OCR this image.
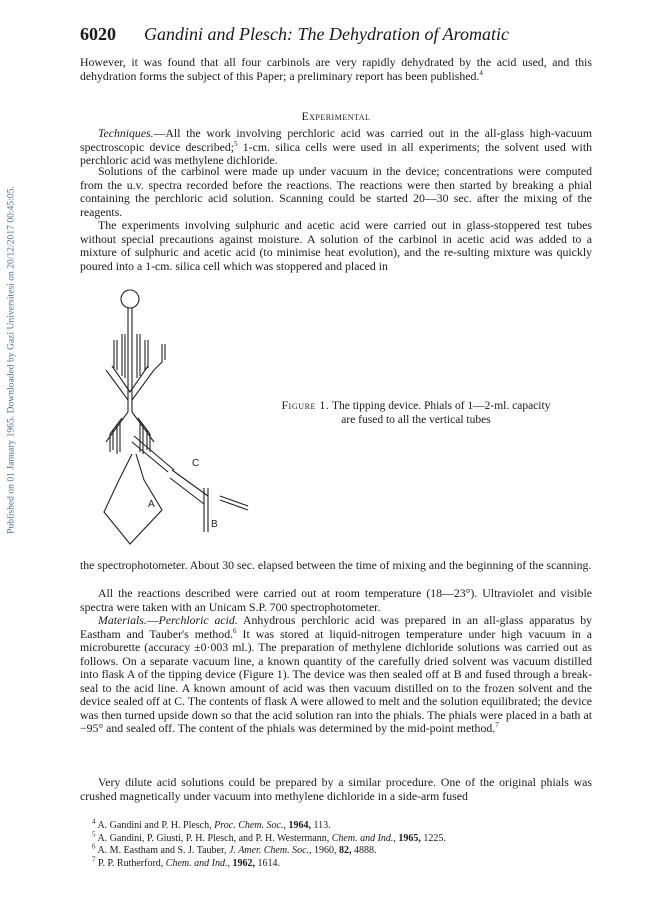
Published on 01 January 1965. Downloaded by Gazi Universitesi on 20/12/2017 00:45:05.
6020 Gandini and Plesch: The Dehydration of Aromatic

However, it was found that all four carbinols are very rapidly dehydrated by the acid used, and this dehydration forms the subject of this Paper; a preliminary report has been published.$^4$

Experimental

Techniques.—All the work involving perchloric acid was carried out in the all-glass high-vacuum spectroscopic device described;$^5$ 1-cm. silica cells were used in all experiments; the solvent used with perchloric acid was methylene dichloride.

Solutions of the carbinol were made up under vacuum in the device; concentrations were computed from the u.v. spectra recorded before the reactions. The reactions were then started by breaking a phial containing the perchloric acid solution. Scanning could be started 20—30 sec. after the mixing of the reagents.

The experiments involving sulphuric and acetic acid were carried out in glass-stoppered test tubes without special precautions against moisture. A solution of the carbinol in acetic acid was added to a mixture of sulphuric and acetic acid (to minimise heat evolution), and the re-sulting mixture was quickly poured into a 1-cm. silica cell which was stoppered and placed in

C
A
B
Figure 1. The tipping device. Phials of 1—2-ml. capacity are fused to all the vertical tubes

the spectrophotometer. About 30 sec. elapsed between the time of mixing and the beginning of the scanning.

All the reactions described were carried out at room temperature (18—23°). Ultraviolet and visible spectra were taken with an Unicam S.P. 700 spectrophotometer.

Materials.—Perchloric acid. Anhydrous perchloric acid was prepared in an all-glass apparatus by Eastham and Tauber's method.$^6$ It was stored at liquid-nitrogen temperature under high vacuum in a microburette (accuracy ±0·003 ml.). The preparation of methylene dichloride solutions was carried out as follows. On a separate vacuum line, a known quantity of the carefully dried solvent was vacuum distilled into flask A of the tipping device (Figure 1). The device was then sealed off at B and fused through a break-seal to the acid line. A known amount of acid was then vacuum distilled on to the frozen solvent and the device sealed off at C. The contents of flask A were allowed to melt and the solution equilibrated; the device was then turned upside down so that the acid solution ran into the phials. The phials were placed in a bath at −95° and sealed off. The content of the phials was determined by the mid-point method.$^7$

Very dilute acid solutions could be prepared by a similar procedure. One of the original phials was crushed magnetically under vacuum into methylene dichloride in a side-arm fused

$^4$ A. Gandini and P. H. Plesch, Proc. Chem. Soc., 1964, 113.

$^5$ A. Gandini, P. Giusti, P. H. Plesch, and P. H. Westermann, Chem. and Ind., 1965, 1225.

$^6$ A. M. Eastham and S. J. Tauber, J. Amer. Chem. Soc., 1960, 82, 4888.

$^7$ P. P. Rutherford, Chem. and Ind., 1962, 1614.
